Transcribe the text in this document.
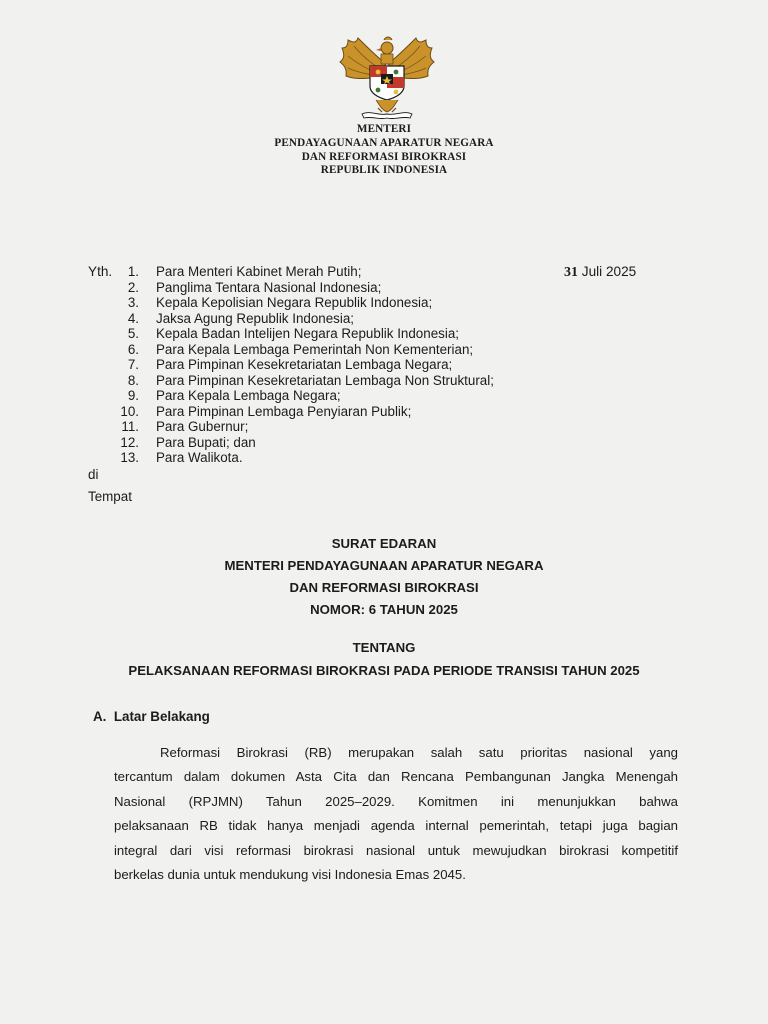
MENTERI
PENDAYAGUNAAN APARATUR NEGARA
DAN REFORMASI BIROKRASI
REPUBLIK INDONESIA
Yth.	31 Juli 2025
1. Para Menteri Kabinet Merah Putih;
2. Panglima Tentara Nasional Indonesia;
3. Kepala Kepolisian Negara Republik Indonesia;
4. Jaksa Agung Republik Indonesia;
5. Kepala Badan Intelijen Negara Republik Indonesia;
6. Para Kepala Lembaga Pemerintah Non Kementerian;
7. Para Pimpinan Kesekretariatan Lembaga Negara;
8. Para Pimpinan Kesekretariatan Lembaga Non Struktural;
9. Para Kepala Lembaga Negara;
10. Para Pimpinan Lembaga Penyiaran Publik;
11. Para Gubernur;
12. Para Bupati; dan
13. Para Walikota.
di
Tempat
SURAT EDARAN
MENTERI PENDAYAGUNAAN APARATUR NEGARA
DAN REFORMASI BIROKRASI
NOMOR: 6 TAHUN 2025
TENTANG
PELAKSANAAN REFORMASI BIROKRASI PADA PERIODE TRANSISI TAHUN 2025
A.  Latar Belakang
Reformasi Birokrasi (RB) merupakan salah satu prioritas nasional yang
tercantum dalam dokumen Asta Cita dan Rencana Pembangunan Jangka Menengah
Nasional (RPJMN) Tahun 2025–2029. Komitmen ini menunjukkan bahwa
pelaksanaan RB tidak hanya menjadi agenda internal pemerintah, tetapi juga bagian
integral dari visi reformasi birokrasi nasional untuk mewujudkan birokrasi kompetitif
berkelas dunia untuk mendukung visi Indonesia Emas 2045.
